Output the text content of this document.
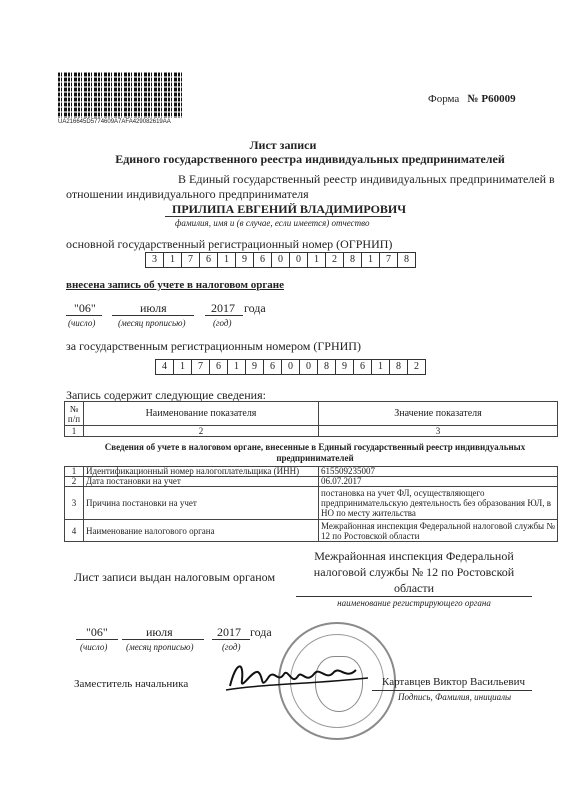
UA216645D5774609A7AFA429082619AA
Форма № Р60009
Лист записи
Единого государственного реестра индивидуальных предпринимателей
В Единый государственный реестр индивидуальных предпринимателей в
отношении индивидуального предпринимателя
ПРИЛИПА ЕВГЕНИЙ ВЛАДИМИРОВИЧ
фамилия, имя и (в случае, если имеется) отчество
основной государственный регистрационный номер (ОГРНИП)
3	1	7	6	1	9	6	0	0	1	2	8	1	7	8
внесена запись об учете в налоговом органе
"06"	июля	2017 года
(число)	(месяц прописью)	(год)
за государственным регистрационным номером (ГРНИП)
4	1	7	6	1	9	6	0	0	8	9	6	1	8	2
Запись содержит следующие сведения:
№ п/п	Наименование показателя	Значение показателя
1	2	3
Сведения об учете в налоговом органе, внесенные в Единый государственный реестр индивидуальных предпринимателей
1	Идентификационный номер налогоплательщика (ИНН)	615509235007
2	Дата постановки на учет	06.07.2017
3	Причина постановки на учет	постановка на учет ФЛ, осуществляющего предпринимательскую деятельность без образования ЮЛ, в НО по месту жительства
4	Наименование налогового органа	Межрайонная инспекция Федеральной налоговой службы № 12 по Ростовской области
Лист записи выдан налоговым органом
Межрайонная инспекция Федеральной налоговой службы № 12 по Ростовской области
наименование регистрирующего органа
"06"	июля	2017 года
(число) (месяц прописью)	(год)
Заместитель начальника	Картавцев Виктор Васильевич
Подпись, Фамилия, инициалы
